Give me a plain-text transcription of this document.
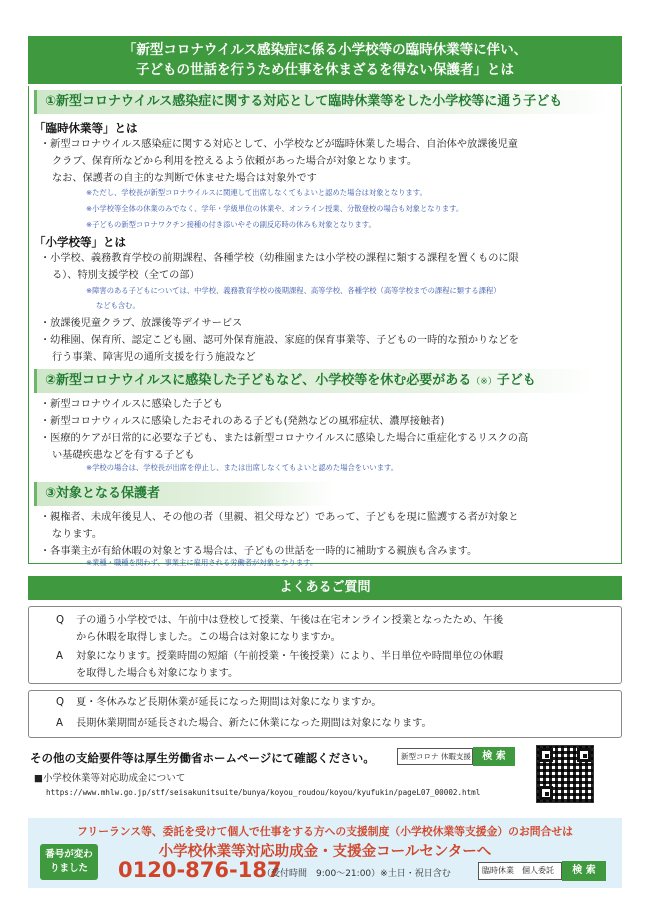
「新型コロナウイルス感染症に係る小学校等の臨時休業等に伴い、
子どもの世話を行うため仕事を休まざるを得ない保護者」とは
①新型コロナウイルス感染症に関する対応として臨時休業等をした小学校等に通う子ども
「臨時休業等」とは
・新型コロナウイルス感染症に関する対応として、小学校などが臨時休業した場合、自治体や放課後児童
クラブ、保育所などから利用を控えるよう依頼があった場合が対象となります。
なお、保護者の自主的な判断で休ませた場合は対象外です
※ただし、学校長が新型コロナウイルスに関連して出席しなくてもよいと認めた場合は対象となります。
※小学校等全体の休業のみでなく、学年・学級単位の休業や、オンライン授業、分散登校の場合も対象となります。
※子どもの新型コロナワクチン接種の付き添いやその副反応時の休みも対象となります。
「小学校等」とは
・小学校、義務教育学校の前期課程、各種学校（幼稚園または小学校の課程に類する課程を置くものに限
る）、特別支援学校（全ての部）
※障害のある子どもについては、中学校、義務教育学校の後期課程、高等学校、各種学校（高等学校までの課程に類する課程）
なども含む。
・放課後児童クラブ、放課後等デイサービス
・幼稚園、保育所、認定こども園、認可外保育施設、家庭的保育事業等、子どもの一時的な預かりなどを
行う事業、障害児の通所支援を行う施設など
②新型コロナウイルスに感染した子どもなど、小学校等を休む必要がある（※）子ども
・新型コロナウイルスに感染した子ども
・新型コロナウィルスに感染したおそれのある子ども(発熱などの風邪症状、濃厚接触者)
・医療的ケアが日常的に必要な子ども、または新型コロナウイルスに感染した場合に重症化するリスクの高
い基礎疾患などを有する子ども
※学校の場合は、学校長が出席を停止し、または出席しなくてもよいと認めた場合をいいます。
③対象となる保護者
・親権者、未成年後見人、その他の者（里親、祖父母など）であって、子どもを現に監護する者が対象と
なります。
・各事業主が有給休暇の対象とする場合は、子どもの世話を一時的に補助する親族も含みます。
※業種・職種を問わず、事業主に雇用される労働者が対象となります。
よくあるご質問
Q 子の通う小学校では、午前中は登校して授業、午後は在宅オンライン授業となったため、午後
から休暇を取得しました。この場合は対象になりますか。
A 対象になります。授業時間の短縮（午前授業・午後授業）により、半日単位や時間単位の休暇
を取得した場合も対象になります。
Q 夏・冬休みなど長期休業が延長になった期間は対象になりますか。
A 長期休業期間が延長された場合、新たに休業になった期間は対象になります。
その他の支給要件等は厚生労働省ホームページにて確認ください。	新型コロナ 休暇支援	検 索
■小学校休業等対応助成金について
https://www.mhlw.go.jp/stf/seisakunitsuite/bunya/koyou_roudou/koyou/kyufukin/pageL07_00002.html
フリーランス等、委託を受けて個人で仕事をする方への支援制度（小学校休業等支援金）のお問合せは
小学校休業等対応助成金・支援金コールセンターへ
番号が変わ
りました	0120-876-187
（受付時間　9:00～21:00）※土日・祝日含む	臨時休業　個人委託	検 索
